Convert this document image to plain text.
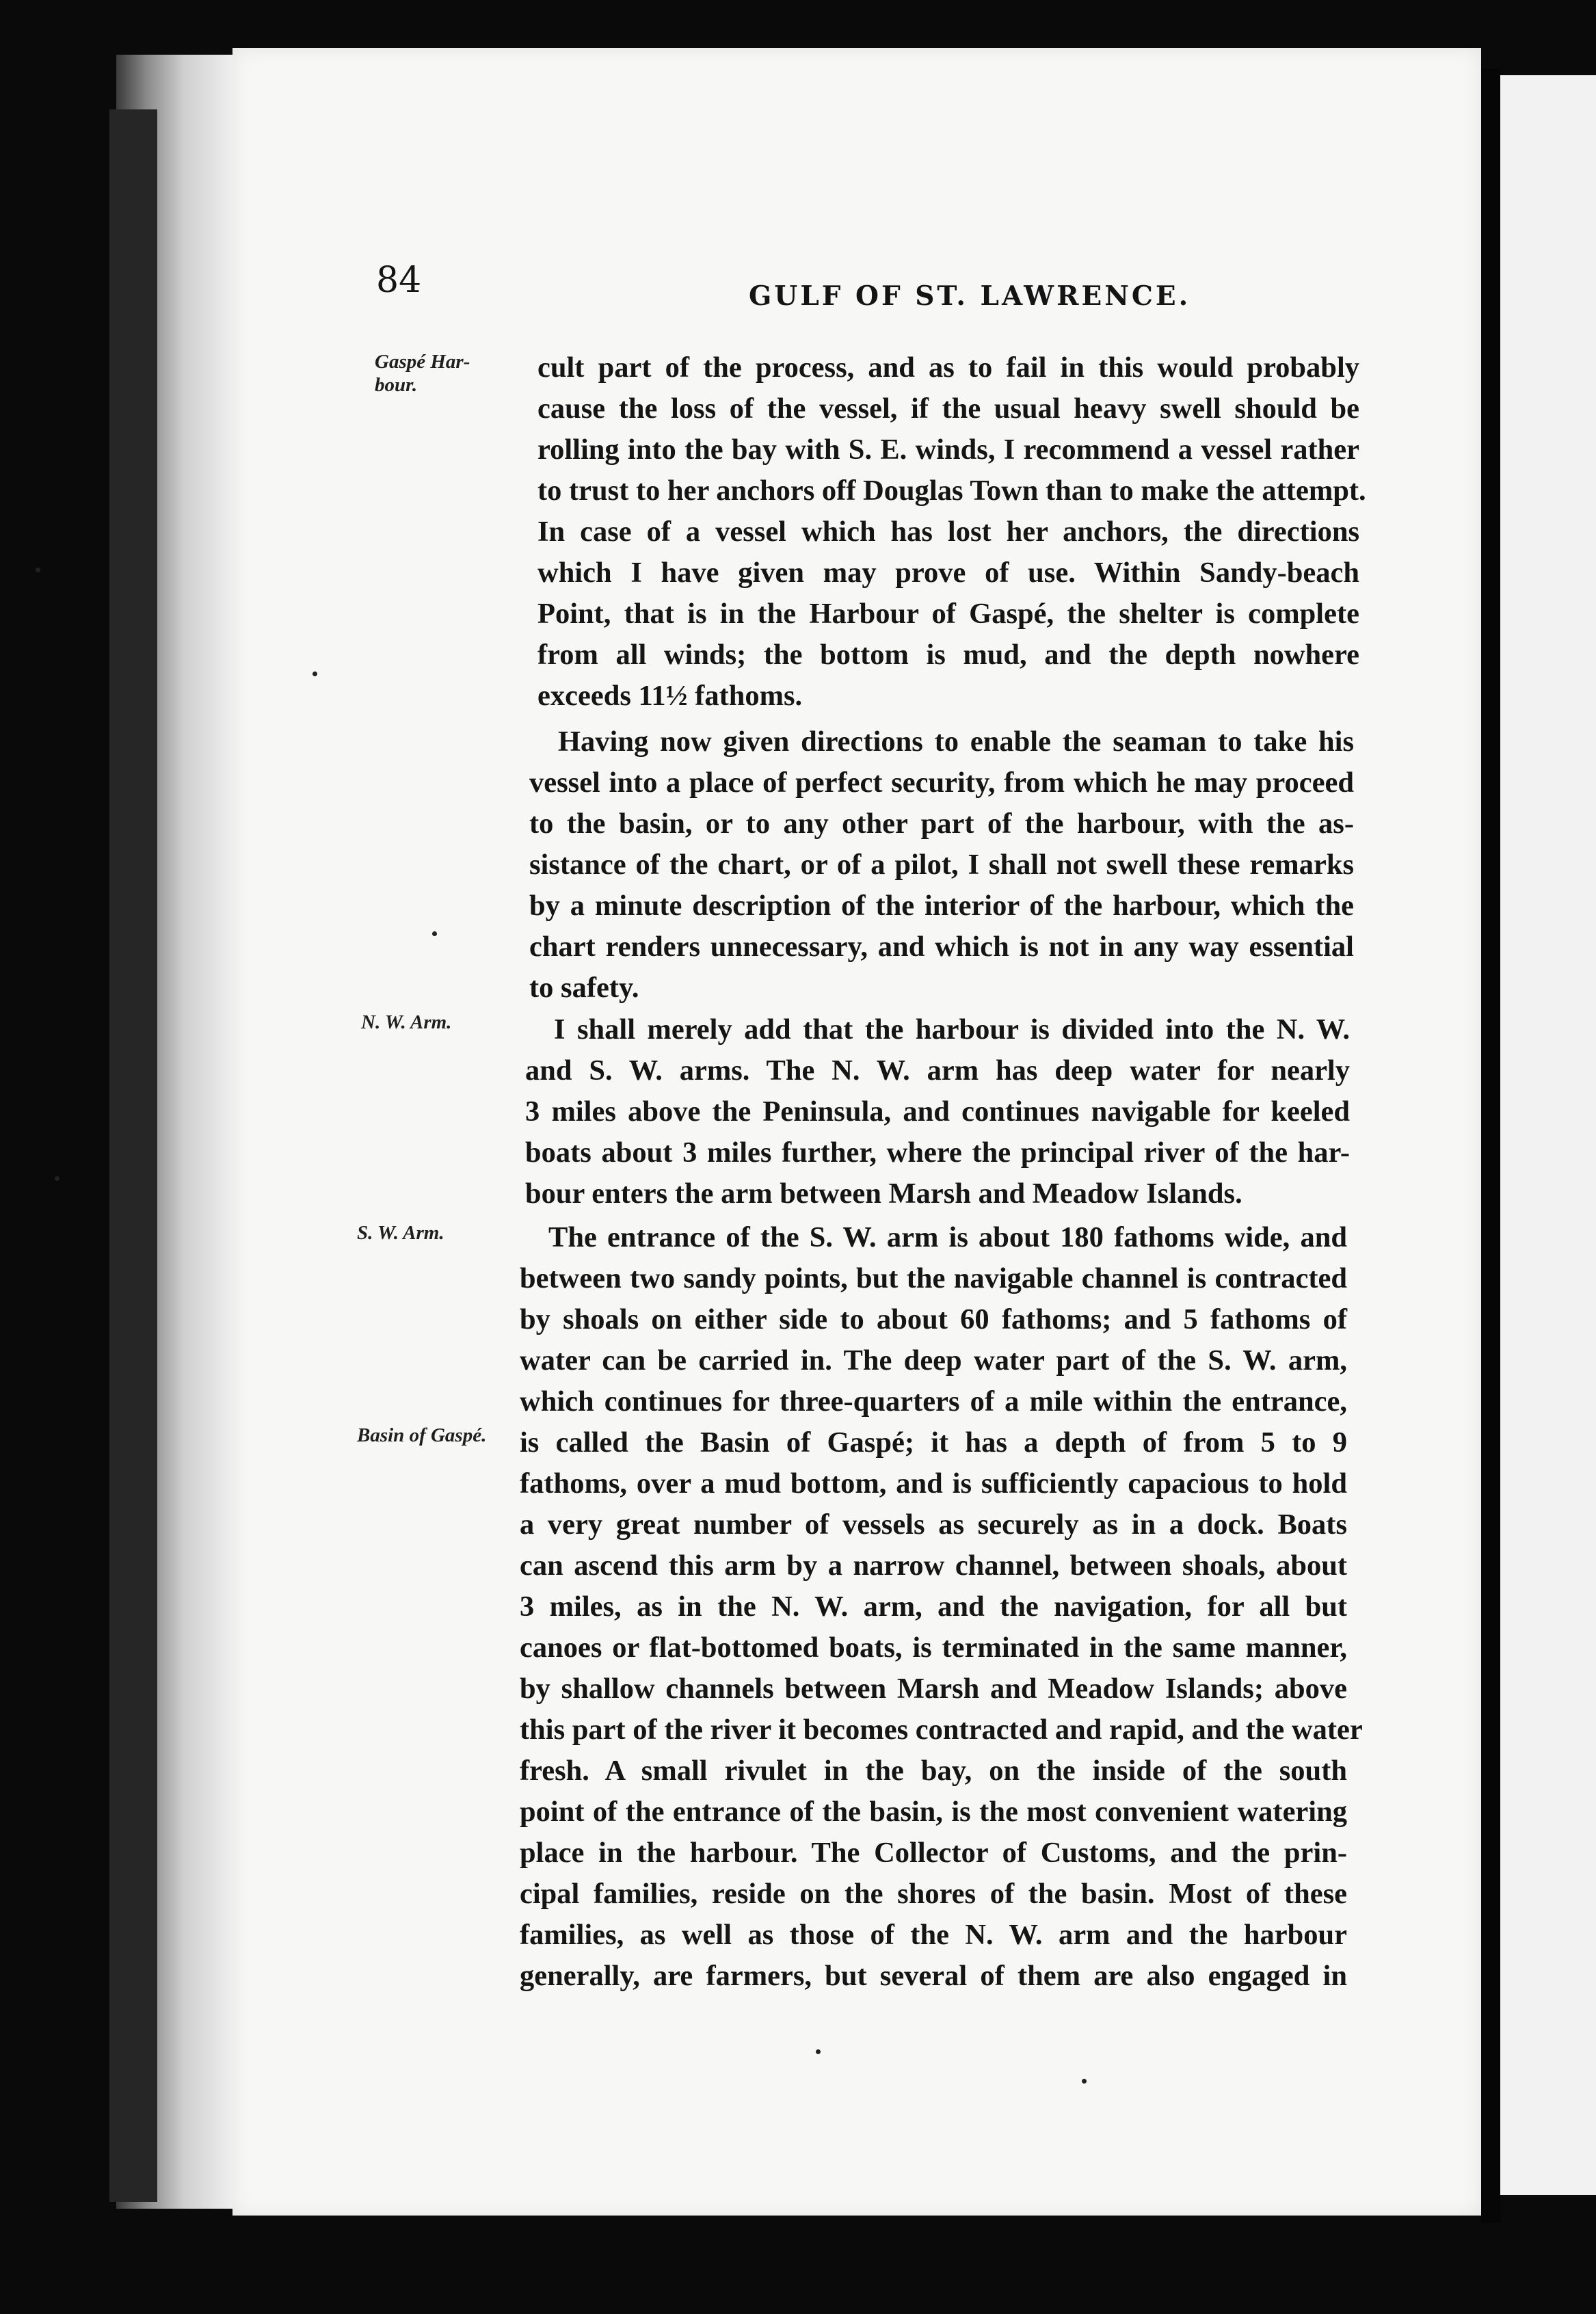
84	GULF OF ST. LAWRENCE.
Gaspé Har-
bour.
N. W. Arm.
S. W. Arm.
Basin of Gaspé.
cult part of the process, and as to fail in this would probably
cause the loss of the vessel, if the usual heavy swell should be
rolling into the bay with S. E. winds, I recommend a vessel rather
to trust to her anchors off Douglas Town than to make the attempt.
In case of a vessel which has lost her anchors, the directions
which I have given may prove of use. Within Sandy-beach
Point, that is in the Harbour of Gaspé, the shelter is complete
from all winds; the bottom is mud, and the depth nowhere
exceeds 11½ fathoms.
Having now given directions to enable the seaman to take his
vessel into a place of perfect security, from which he may proceed
to the basin, or to any other part of the harbour, with the as-
sistance of the chart, or of a pilot, I shall not swell these remarks
by a minute description of the interior of the harbour, which the
chart renders unnecessary, and which is not in any way essential
to safety.
I shall merely add that the harbour is divided into the N. W.
and S. W. arms. The N. W. arm has deep water for nearly
3 miles above the Peninsula, and continues navigable for keeled
boats about 3 miles further, where the principal river of the har-
bour enters the arm between Marsh and Meadow Islands.
The entrance of the S. W. arm is about 180 fathoms wide, and
between two sandy points, but the navigable channel is contracted
by shoals on either side to about 60 fathoms; and 5 fathoms of
water can be carried in. The deep water part of the S. W. arm,
which continues for three-quarters of a mile within the entrance,
is called the Basin of Gaspé; it has a depth of from 5 to 9
fathoms, over a mud bottom, and is sufficiently capacious to hold
a very great number of vessels as securely as in a dock. Boats
can ascend this arm by a narrow channel, between shoals, about
3 miles, as in the N. W. arm, and the navigation, for all but
canoes or flat-bottomed boats, is terminated in the same manner,
by shallow channels between Marsh and Meadow Islands; above
this part of the river it becomes contracted and rapid, and the water
fresh. A small rivulet in the bay, on the inside of the south
point of the entrance of the basin, is the most convenient watering
place in the harbour. The Collector of Customs, and the prin-
cipal families, reside on the shores of the basin. Most of these
families, as well as those of the N. W. arm and the harbour
generally, are farmers, but several of them are also engaged in
